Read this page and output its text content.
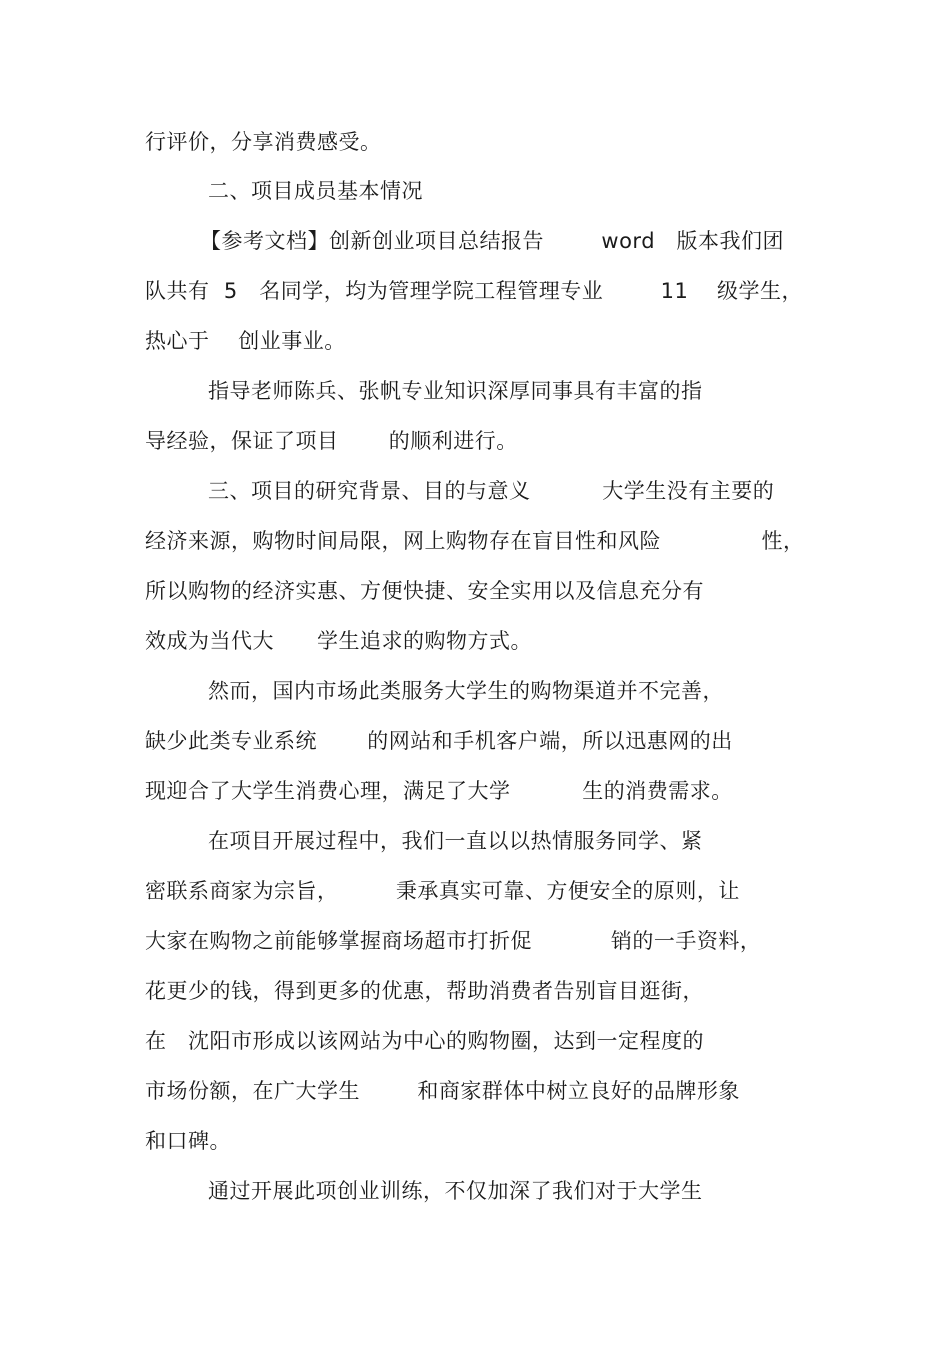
行评价，分享消费感受。
二、项目成员基本情况
【参考文档】创新创业项目总结报告        word   版本我们团
队共有  5   名同学，均为管理学院工程管理专业        11    级学生，
热心于    创业事业。
指导老师陈兵、张帆专业知识深厚同事具有丰富的指
导经验，保证了项目       的顺利进行。
三、项目的研究背景、目的与意义          大学生没有主要的
经济来源，购物时间局限，网上购物存在盲目性和风险              性，
所以购物的经济实惠、方便快捷、安全实用以及信息充分有
效成为当代大      学生追求的购物方式。
然而，国内市场此类服务大学生的购物渠道并不完善，
缺少此类专业系统       的网站和手机客户端，所以迅惠网的出
现迎合了大学生消费心理，满足了大学          生的消费需求。
在项目开展过程中，我们一直以以热情服务同学、紧
密联系商家为宗旨，        秉承真实可靠、方便安全的原则，让
大家在购物之前能够掌握商场超市打折促           销的一手资料，
花更少的钱，得到更多的优惠，帮助消费者告别盲目逛街，
在   沈阳市形成以该网站为中心的购物圈，达到一定程度的
市场份额，在广大学生        和商家群体中树立良好的品牌形象
和口碑。
通过开展此项创业训练，不仅加深了我们对于大学生
